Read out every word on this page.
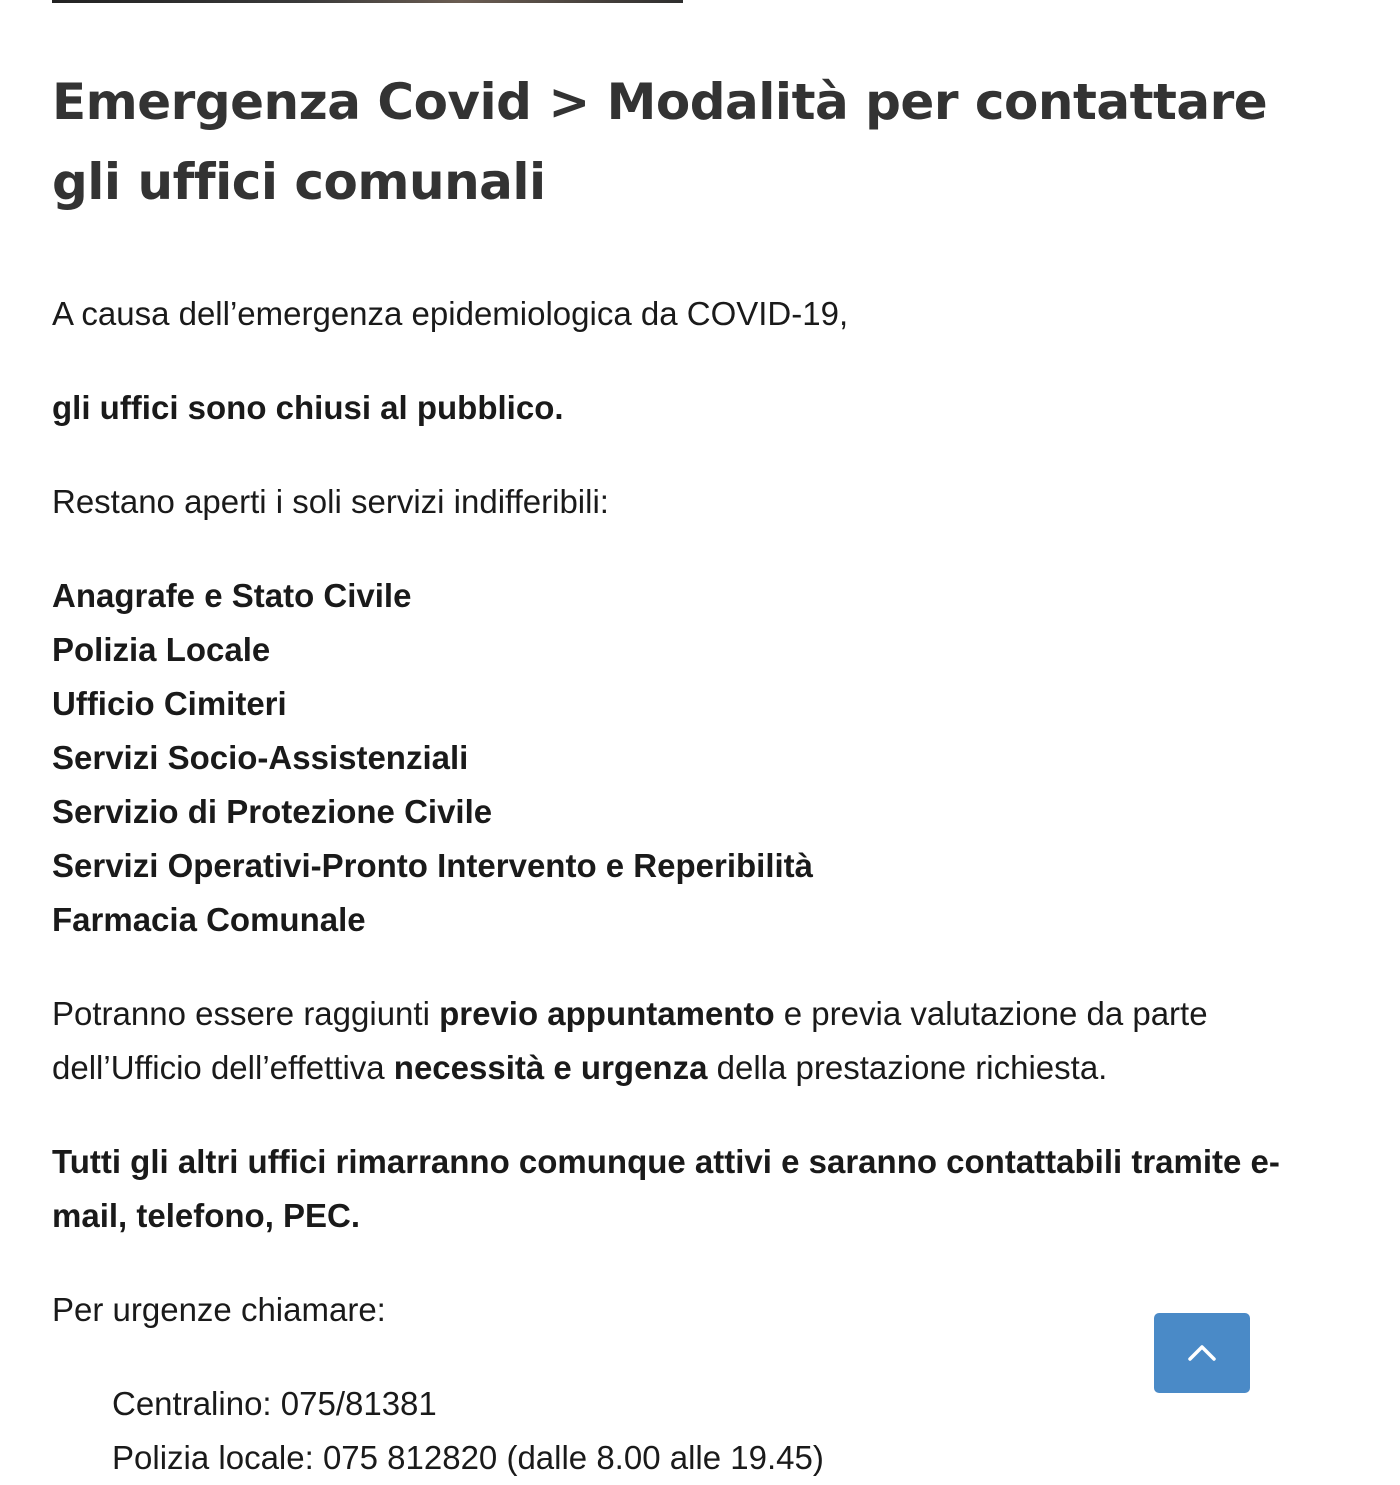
Emergenza Covid > Modalità per contattare gli uffici comunali

A causa dell’emergenza epidemiologica da COVID-19,

gli uffici sono chiusi al pubblico.

Restano aperti i soli servizi indifferibili:

Anagrafe e Stato Civile
Polizia Locale
Ufficio Cimiteri
Servizi Socio-Assistenziali
Servizio di Protezione Civile
Servizi Operativi-Pronto Intervento e Reperibilità
Farmacia Comunale

Potranno essere raggiunti previo appuntamento e previa valutazione da parte dell’Ufficio dell’effettiva necessità e urgenza della prestazione richiesta.

Tutti gli altri uffici rimarranno comunque attivi e saranno contattabili tramite e-mail, telefono, PEC.

Per urgenze chiamare:

Centralino: 075/81381
Polizia locale: 075 812820 (dalle 8.00 alle 19.45)
